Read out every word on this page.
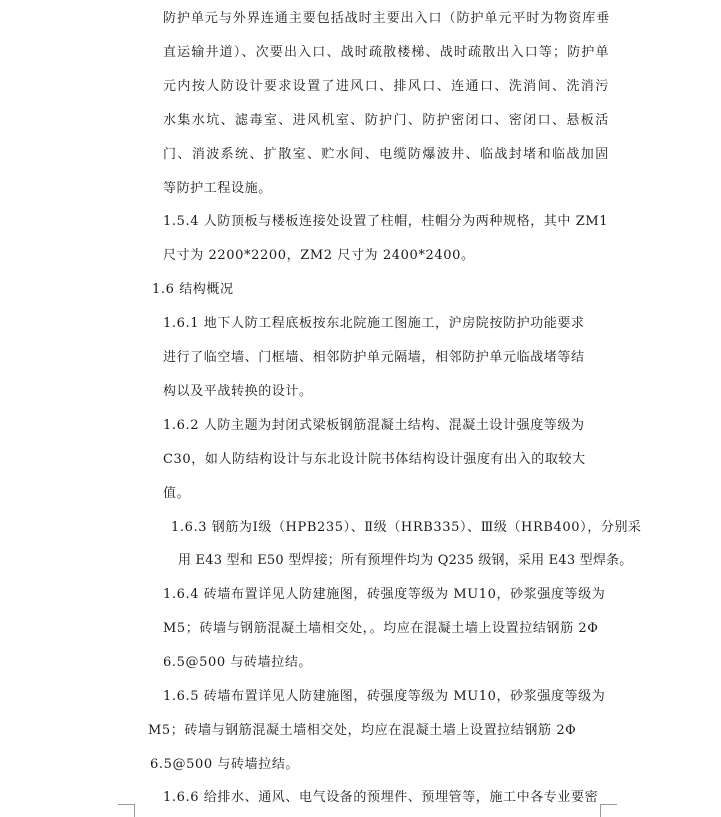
防护单元与外界连通主要包括战时主要出入口（防护单元平时为物资库垂
直运输井道）、次要出入口、战时疏散楼梯、战时疏散出入口等；防护单
元内按人防设计要求设置了进风口、排风口、连通口、洗消间、洗消污
水集水坑、滤毒室、进风机室、防护门、防护密闭口、密闭口、悬板活
门、消波系统、扩散室、贮水间、电缆防爆波井、临战封堵和临战加固
等防护工程设施。
1.5.4 人防顶板与楼板连接处设置了柱帽，柱帽分为两种规格，其中 ZM1
尺寸为 2200*2200，ZM2 尺寸为 2400*2400。
1.6 结构概况
1.6.1 地下人防工程底板按东北院施工图施工，沪房院按防护功能要求
进行了临空墙、门框墙、相邻防护单元隔墙，相邻防护单元临战堵等结
构以及平战转换的设计。
1.6.2 人防主题为封闭式梁板钢筋混凝土结构、混凝土设计强度等级为
C30，如人防结构设计与东北设计院书体结构设计强度有出入的取较大
值。
1.6.3 钢筋为Ⅰ级（HPB235）、Ⅱ级（HRB335）、Ⅲ级（HRB400），分别采
用 E43 型和 E50 型焊接；所有预埋件均为 Q235 级钢，采用 E43 型焊条。
1.6.4 砖墙布置详见人防建施图，砖强度等级为 MU10，砂浆强度等级为
M5；砖墙与钢筋混凝土墙相交处，。均应在混凝土墙上设置拉结钢筋 2Φ
6.5@500 与砖墙拉结。
1.6.5 砖墙布置详见人防建施图，砖强度等级为 MU10，砂浆强度等级为
M5；砖墙与钢筋混凝土墙相交处，均应在混凝土墙上设置拉结钢筋 2Φ
6.5@500 与砖墙拉结。
1.6.6 给排水、通风、电气设备的预埋件、预埋管等，施工中各专业要密
